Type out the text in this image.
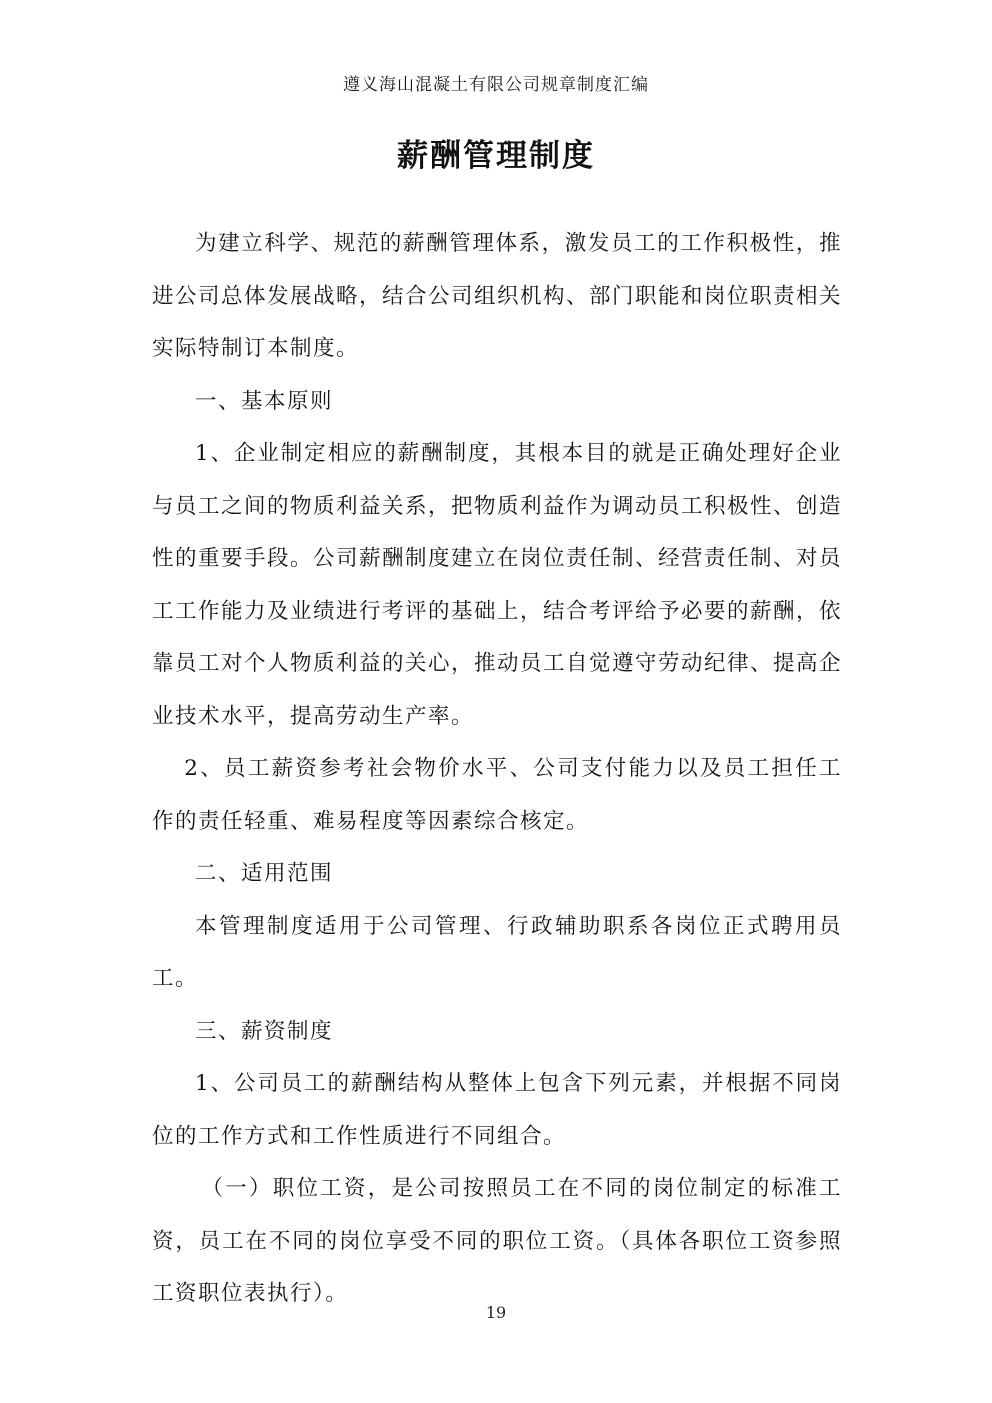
遵义海山混凝土有限公司规章制度汇编
薪酬管理制度

为建立科学、规范的薪酬管理体系，激发员工的工作积极性，推进公司总体发展战略，结合公司组织机构、部门职能和岗位职责相关实际特制订本制度。

一、基本原则

1、企业制定相应的薪酬制度，其根本目的就是正确处理好企业与员工之间的物质利益关系，把物质利益作为调动员工积极性、创造性的重要手段。公司薪酬制度建立在岗位责任制、经营责任制、对员工工作能力及业绩进行考评的基础上，结合考评给予必要的薪酬，依靠员工对个人物质利益的关心，推动员工自觉遵守劳动纪律、提高企业技术水平，提高劳动生产率。

2、员工薪资参考社会物价水平、公司支付能力以及员工担任工作的责任轻重、难易程度等因素综合核定。

二、适用范围

本管理制度适用于公司管理、行政辅助职系各岗位正式聘用员工。

三、薪资制度

1、公司员工的薪酬结构从整体上包含下列元素，并根据不同岗位的工作方式和工作性质进行不同组合。

（一）职位工资，是公司按照员工在不同的岗位制定的标准工资，员工在不同的岗位享受不同的职位工资。（具体各职位工资参照工资职位表执行）。

19
